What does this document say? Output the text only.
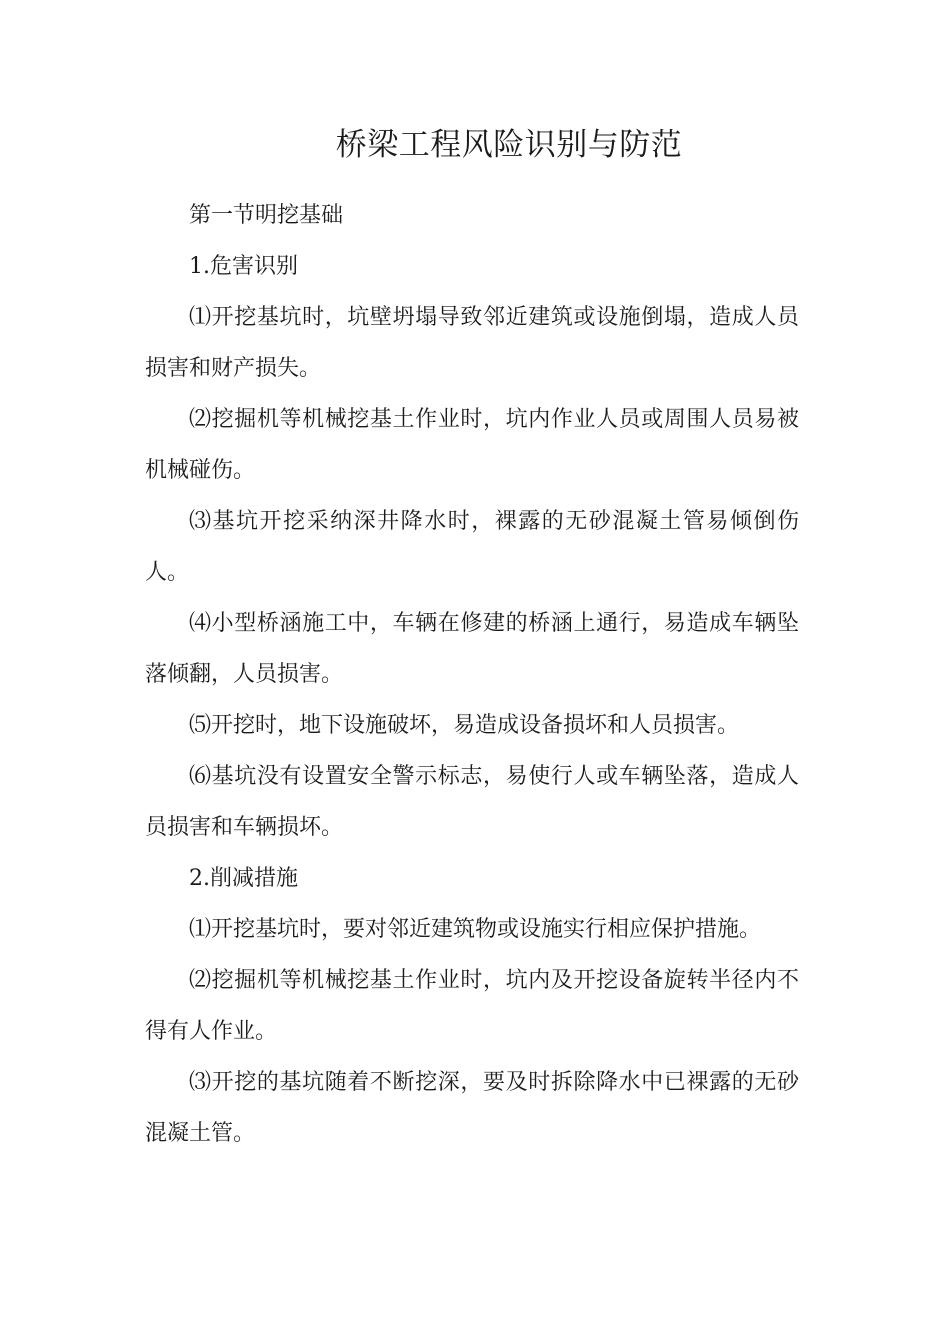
桥梁工程风险识别与防范

第一节明挖基础

1.危害识别

⑴开挖基坑时，坑壁坍塌导致邻近建筑或设施倒塌，造成人员损害和财产损失。

⑵挖掘机等机械挖基土作业时，坑内作业人员或周围人员易被机械碰伤。

⑶基坑开挖采纳深井降水时，裸露的无砂混凝土管易倾倒伤人。

⑷小型桥涵施工中，车辆在修建的桥涵上通行，易造成车辆坠落倾翻，人员损害。

⑸开挖时，地下设施破坏，易造成设备损坏和人员损害。

⑹基坑没有设置安全警示标志，易使行人或车辆坠落，造成人员损害和车辆损坏。

2.削减措施

⑴开挖基坑时，要对邻近建筑物或设施实行相应保护措施。

⑵挖掘机等机械挖基土作业时，坑内及开挖设备旋转半径内不得有人作业。

⑶开挖的基坑随着不断挖深，要及时拆除降水中已裸露的无砂混凝土管。
